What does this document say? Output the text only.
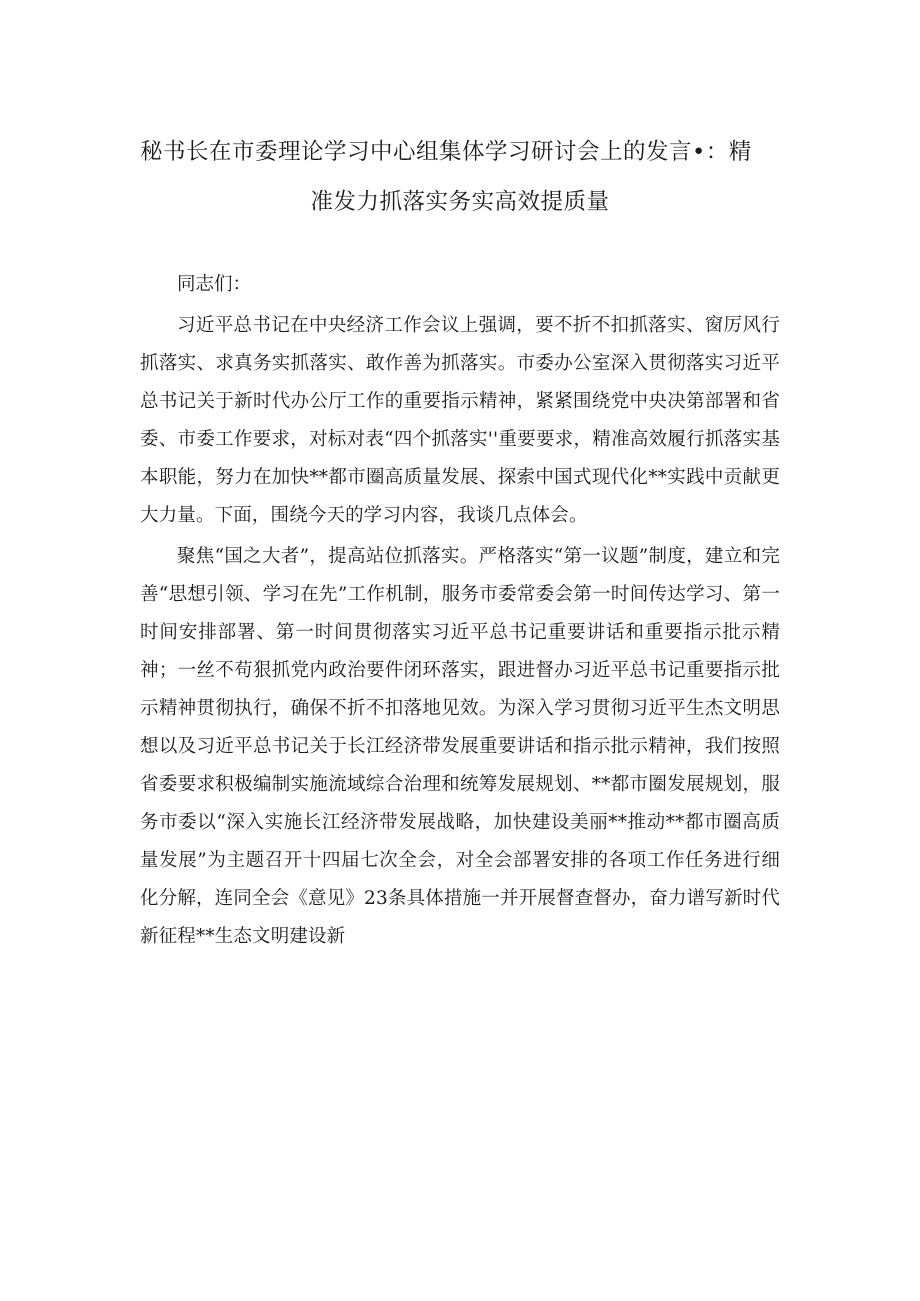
秘书长在市委理论学习中心组集体学习研讨会上的发言•：精
准发力抓落实务实高效提质量

同志们：

习近平总书记在中央经济工作会议上强调，要不折不扣抓落实、窗厉风行抓落实、求真务实抓落实、敢作善为抓落实。市委办公室深入贯彻落实习近平总书记关于新时代办公厅工作的重要指示精神，紧紧围绕党中央决第部署和省委、市委工作要求，对标对表“四个抓落实''重要要求，精准高效履行抓落实基本职能，努力在加快**都市圈高质量发展、探索中国式现代化**实践中贡献更大力量。下面，围绕今天的学习内容，我谈几点体会。

聚焦“国之大者”，提高站位抓落实。严格落实“第一议题”制度，建立和完善“思想引领、学习在先”工作机制，服务市委常委会第一时间传达学习、第一时间安排部署、第一时间贯彻落实习近平总书记重要讲话和重要指示批示精神；一丝不苟狠抓党内政治要件闭环落实，跟进督办习近平总书记重要指示批示精神贯彻执行，确保不折不扣落地见效。为深入学习贯彻习近平生杰文明思想以及习近平总书记关于长江经济带发展重要讲话和指示批示精神，我们按照省委要求积极编制实施流域综合治理和统筹发展规划、**都市圈发展规划，服务市委以“深入实施长江经济带发展战略，加快建设美丽**推动**都市圈高质量发展”为主题召开十四届七次全会，对全会部署安排的各项工作任务进行细化分解，连同全会《意见》23条具体措施一并开展督查督办，奋力谱写新时代新征程**生态文明建设新
